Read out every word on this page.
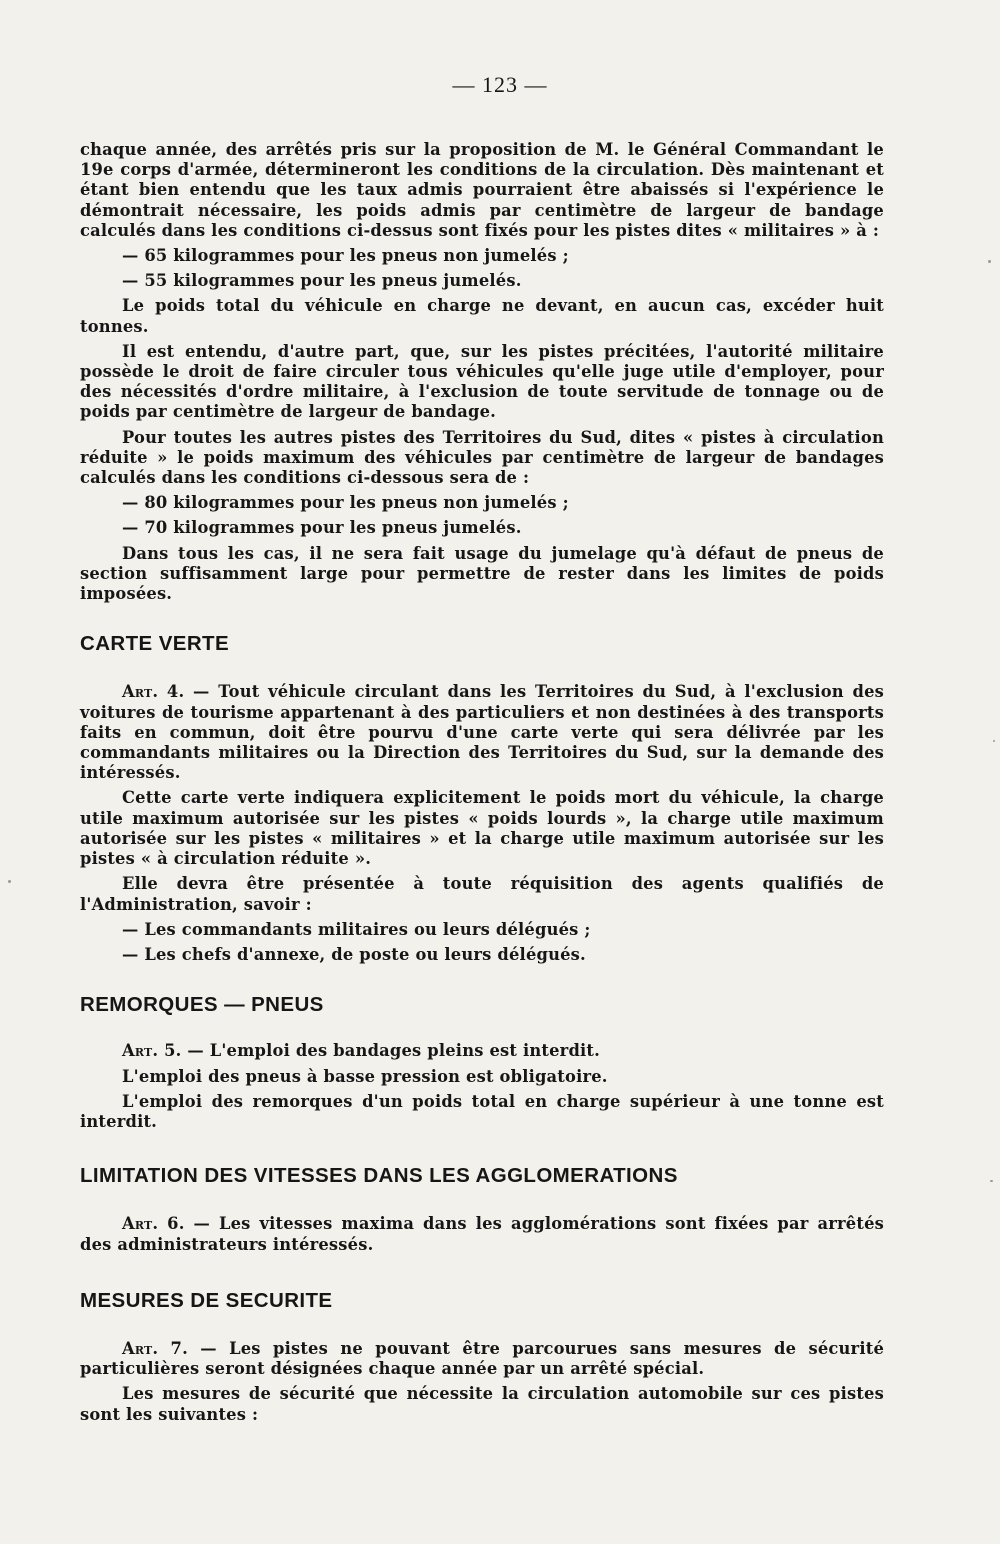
— 123 —

chaque année, des arrêtés pris sur la proposition de M. le Général Commandant le 19e corps d'armée, détermineront les conditions de la circulation. Dès maintenant et étant bien entendu que les taux admis pourraient être abaissés si l'expérience le démontrait nécessaire, les poids admis par centimètre de largeur de bandage calculés dans les conditions ci-dessus sont fixés pour les pistes dites « militaires » à :

— 65 kilogrammes pour les pneus non jumelés ;

— 55 kilogrammes pour les pneus jumelés.

Le poids total du véhicule en charge ne devant, en aucun cas, excéder huit tonnes.

Il est entendu, d'autre part, que, sur les pistes précitées, l'autorité militaire possède le droit de faire circuler tous véhicules qu'elle juge utile d'employer, pour des nécessités d'ordre militaire, à l'exclusion de toute servitude de tonnage ou de poids par centimètre de largeur de bandage.

Pour toutes les autres pistes des Territoires du Sud, dites « pistes à circulation réduite » le poids maximum des véhicules par centimètre de largeur de bandages calculés dans les conditions ci-dessous sera de :

— 80 kilogrammes pour les pneus non jumelés ;

— 70 kilogrammes pour les pneus jumelés.

Dans tous les cas, il ne sera fait usage du jumelage qu'à défaut de pneus de section suffisamment large pour permettre de rester dans les limites de poids imposées.

CARTE VERTE

Art. 4. — Tout véhicule circulant dans les Territoires du Sud, à l'exclusion des voitures de tourisme appartenant à des particuliers et non destinées à des transports faits en commun, doit être pourvu d'une carte verte qui sera délivrée par les commandants militaires ou la Direction des Territoires du Sud, sur la demande des intéressés.

Cette carte verte indiquera explicitement le poids mort du véhicule, la charge utile maximum autorisée sur les pistes « poids lourds », la charge utile maximum autorisée sur les pistes « militaires » et la charge utile maximum autorisée sur les pistes « à circulation réduite ».

Elle devra être présentée à toute réquisition des agents qualifiés de l'Administration, savoir :

— Les commandants militaires ou leurs délégués ;

— Les chefs d'annexe, de poste ou leurs délégués.

REMORQUES — PNEUS

Art. 5. — L'emploi des bandages pleins est interdit.

L'emploi des pneus à basse pression est obligatoire.

L'emploi des remorques d'un poids total en charge supérieur à une tonne est interdit.

LIMITATION DES VITESSES DANS LES AGGLOMERATIONS

Art. 6. — Les vitesses maxima dans les agglomérations sont fixées par arrêtés des administrateurs intéressés.

MESURES DE SECURITE

Art. 7. — Les pistes ne pouvant être parcourues sans mesures de sécurité particulières seront désignées chaque année par un arrêté spécial.

Les mesures de sécurité que nécessite la circulation automobile sur ces pistes sont les suivantes :
